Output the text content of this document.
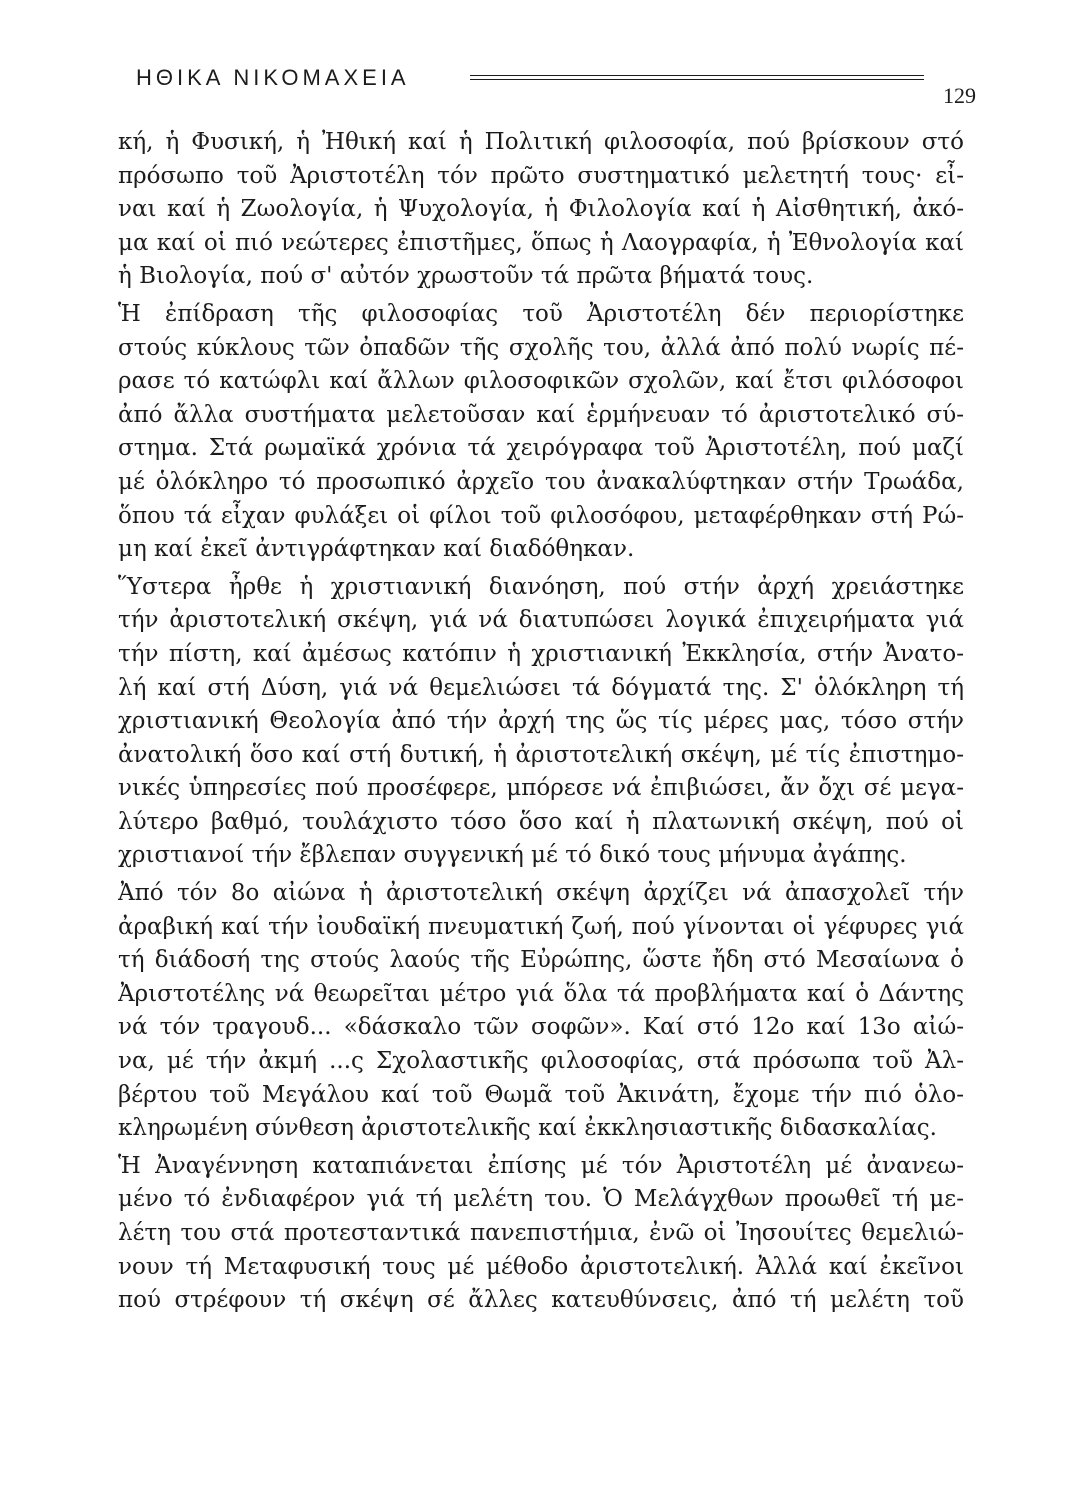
ΗΘΙΚΑ ΝΙΚΟΜΑΧΕΙΑ
129
κή, ἡ Φυσική, ἡ Ἠθική καί ἡ Πολιτική φιλοσοφία, πού βρίσκουν στό
πρόσωπο τοῦ Ἀριστοτέλη τόν πρῶτο συστηματικό μελετητή τους· εἶ-
ναι καί ἡ Ζωολογία, ἡ Ψυχολογία, ἡ Φιλολογία καί ἡ Αἰσθητική, ἀκό-
μα καί οἱ πιό νεώτερες ἐπιστῆμες, ὅπως ἡ Λαογραφία, ἡ Ἐθνολογία καί
ἡ Βιολογία, πού σ' αὐτόν χρωστοῦν τά πρῶτα βήματά τους.
Ἡ ἐπίδραση τῆς φιλοσοφίας τοῦ Ἀριστοτέλη δέν περιορίστηκε
στούς κύκλους τῶν ὀπαδῶν τῆς σχολῆς του, ἀλλά ἀπό πολύ νωρίς πέ-
ρασε τό κατώφλι καί ἄλλων φιλοσοφικῶν σχολῶν, καί ἔτσι φιλόσοφοι
ἀπό ἄλλα συστήματα μελετοῦσαν καί ἑρμήνευαν τό ἀριστοτελικό σύ-
στημα. Στά ρωμαϊκά χρόνια τά χειρόγραφα τοῦ Ἀριστοτέλη, πού μαζί
μέ ὁλόκληρο τό προσωπικό ἀρχεῖο του ἀνακαλύφτηκαν στήν Τρωάδα,
ὅπου τά εἶχαν φυλάξει οἱ φίλοι τοῦ φιλοσόφου, μεταφέρθηκαν στή Ρώ-
μη καί ἐκεῖ ἀντιγράφτηκαν καί διαδόθηκαν.
Ὕστερα ἦρθε ἡ χριστιανική διανόηση, πού στήν ἀρχή χρειάστηκε
τήν ἀριστοτελική σκέψη, γιά νά διατυπώσει λογικά ἐπιχειρήματα γιά
τήν πίστη, καί ἀμέσως κατόπιν ἡ χριστιανική Ἐκκλησία, στήν Ἀνατο-
λή καί στή Δύση, γιά νά θεμελιώσει τά δόγματά της. Σ' ὁλόκληρη τή
χριστιανική Θεολογία ἀπό τήν ἀρχή της ὥς τίς μέρες μας, τόσο στήν
ἀνατολική ὅσο καί στή δυτική, ἡ ἀριστοτελική σκέψη, μέ τίς ἐπιστημο-
νικές ὑπηρεσίες πού προσέφερε, μπόρεσε νά ἐπιβιώσει, ἄν ὄχι σέ μεγα-
λύτερο βαθμό, τουλάχιστο τόσο ὅσο καί ἡ πλατωνική σκέψη, πού οἱ
χριστιανοί τήν ἔβλεπαν συγγενική μέ τό δικό τους μήνυμα ἀγάπης.
Ἀπό τόν 8ο αἰώνα ἡ ἀριστοτελική σκέψη ἀρχίζει νά ἀπασχολεῖ τήν
ἀραβική καί τήν ἰουδαϊκή πνευματική ζωή, πού γίνονται οἱ γέφυρες γιά
τή διάδοσή της στούς λαούς τῆς Εὐρώπης, ὥστε ἤδη στό Μεσαίωνα ὁ
Ἀριστοτέλης νά θεωρεῖται μέτρο γιά ὅλα τά προβλήματα καί ὁ Δάντης
νά τόν τραγουδ... «δάσκαλο τῶν σοφῶν». Καί στό 12ο καί 13ο αἰώ-
να, μέ τήν ἀκμή ...ς Σχολαστικῆς φιλοσοφίας, στά πρόσωπα τοῦ Ἀλ-
βέρτου τοῦ Μεγάλου καί τοῦ Θωμᾶ τοῦ Ἀκινάτη, ἔχομε τήν πιό ὁλο-
κληρωμένη σύνθεση ἀριστοτελικῆς καί ἐκκλησιαστικῆς διδασκαλίας.
Ἡ Ἀναγέννηση καταπιάνεται ἐπίσης μέ τόν Ἀριστοτέλη μέ ἀνανεω-
μένο τό ἐνδιαφέρον γιά τή μελέτη του. Ὁ Μελάγχθων προωθεῖ τή με-
λέτη του στά προτεσταντικά πανεπιστήμια, ἐνῶ οἱ Ἰησουίτες θεμελιώ-
νουν τή Μεταφυσική τους μέ μέθοδο ἀριστοτελική. Ἀλλά καί ἐκεῖνοι
πού στρέφουν τή σκέψη σέ ἄλλες κατευθύνσεις, ἀπό τή μελέτη τοῦ
